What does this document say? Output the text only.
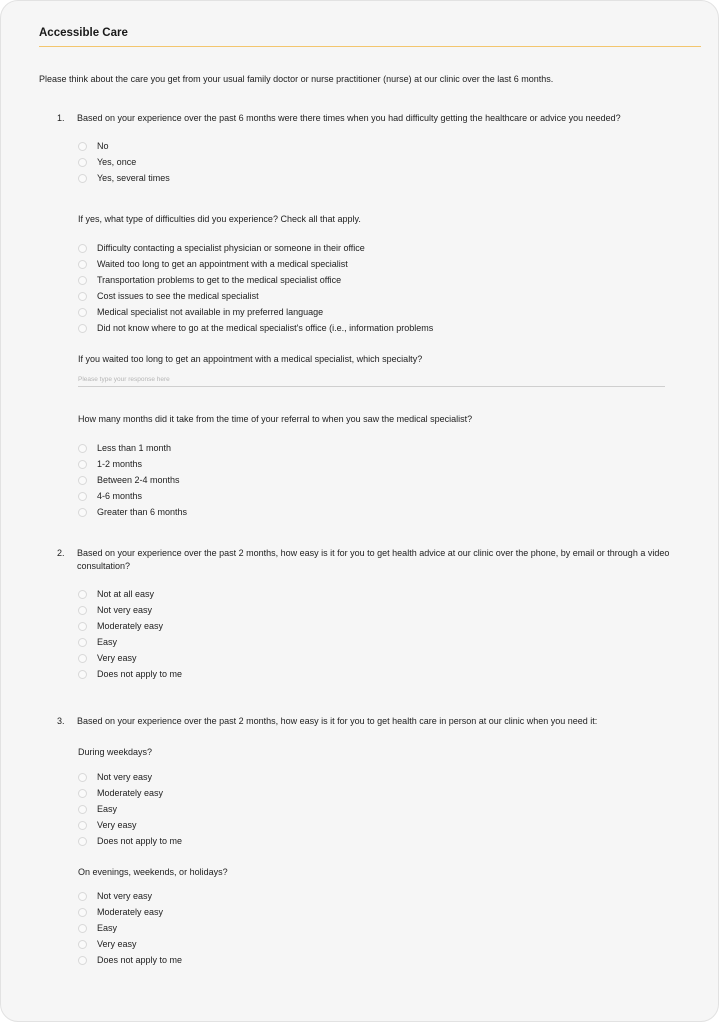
Accessible Care
Please think about the care you get from your usual family doctor or nurse practitioner (nurse) at our clinic over the last 6 months.
1.	Based on your experience over the past 6 months were there times when you had difficulty getting the healthcare or advice you needed?
No
Yes, once
Yes, several times
If yes, what type of difficulties did you experience? Check all that apply.
Difficulty contacting a specialist physician or someone in their office
Waited too long to get an appointment with a medical specialist
Transportation problems to get to the medical specialist office
Cost issues to see the medical specialist
Medical specialist not available in my preferred language
Did not know where to go at the medical specialist's office (i.e., information problems
If you waited too long to get an appointment with a medical specialist, which specialty?
Please type your response here
How many months did it take from the time of your referral to when you saw the medical specialist?
Less than 1 month
1-2 months
Between 2-4 months
4-6 months
Greater than 6 months
2.	Based on your experience over the past 2 months, how easy is it for you to get health advice at our clinic over the phone, by email or through a video consultation?
Not at all easy
Not very easy
Moderately easy
Easy
Very easy
Does not apply to me
3.	Based on your experience over the past 2 months, how easy is it for you to get health care in person at our clinic when you need it:
During weekdays?
Not very easy
Moderately easy
Easy
Very easy
Does not apply to me
On evenings, weekends, or holidays?
Not very easy
Moderately easy
Easy
Very easy
Does not apply to me
